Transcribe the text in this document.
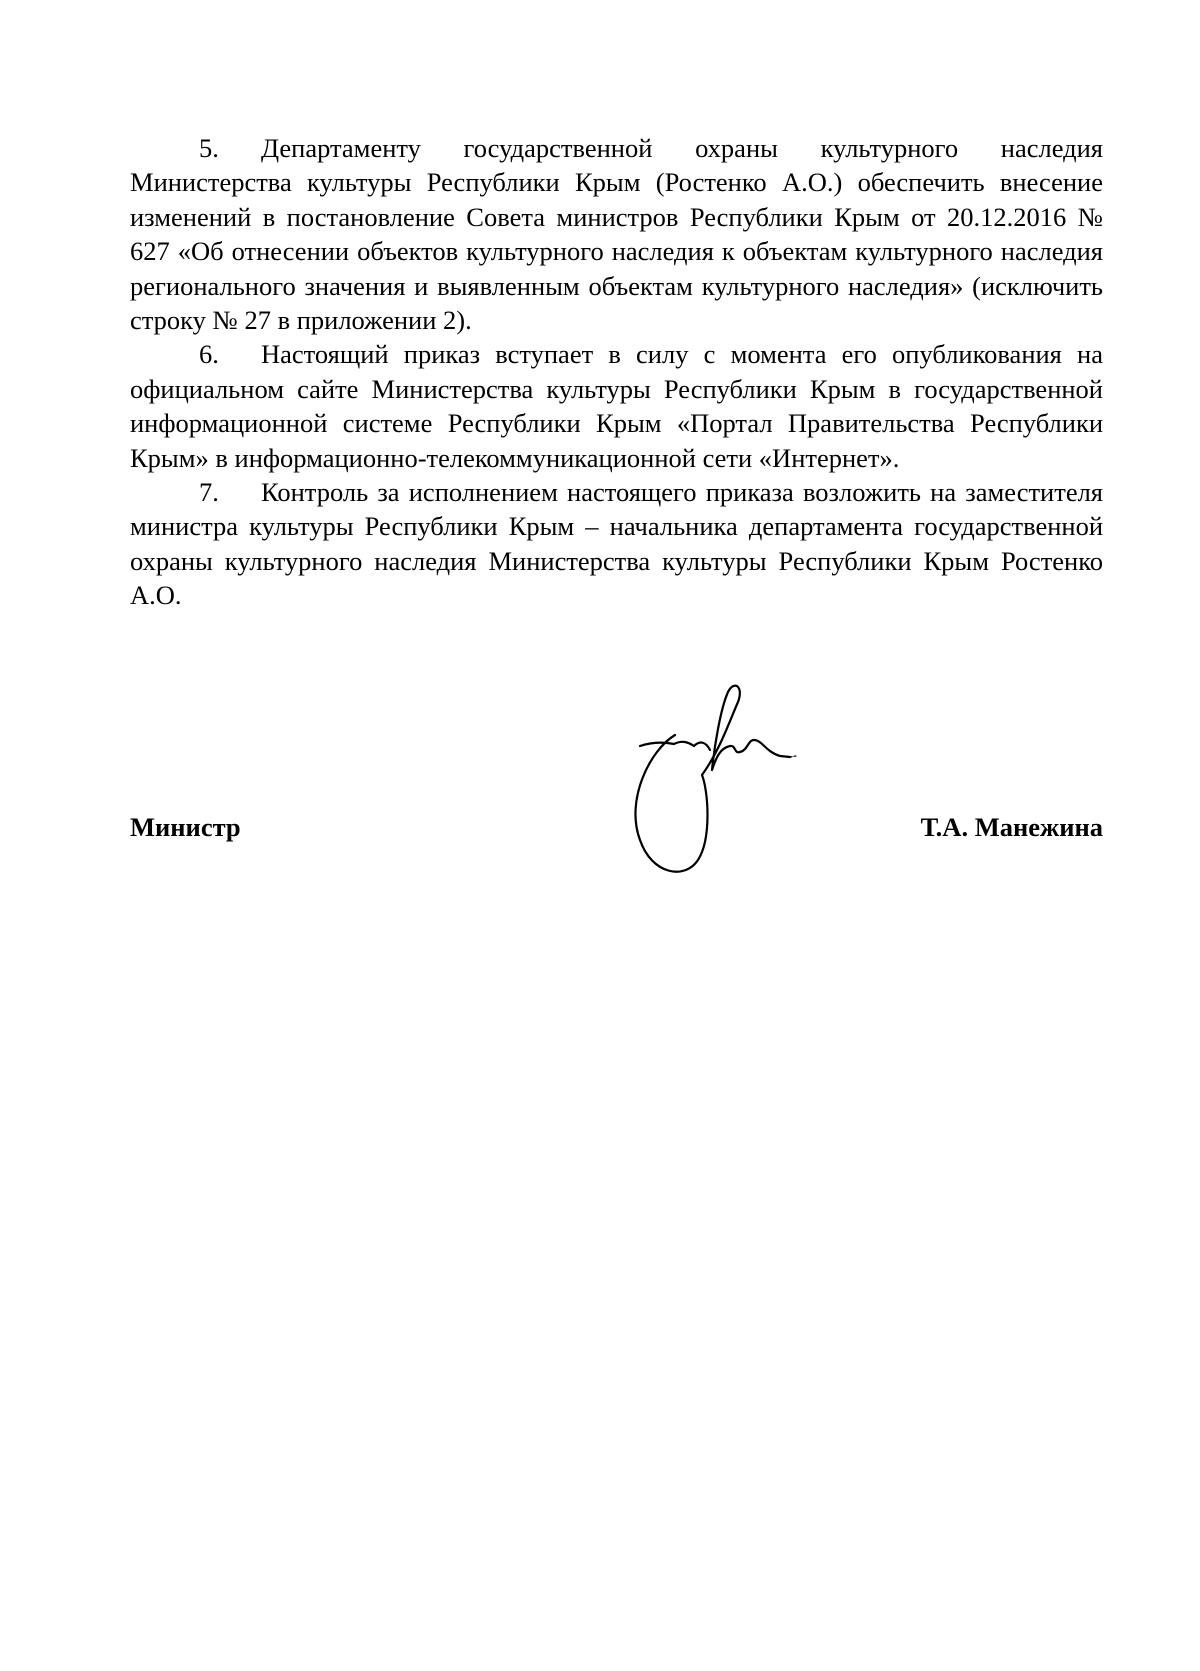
5. Департаменту государственной охраны культурного наследия Министерства культуры Республики Крым (Ростенко А.О.) обеспечить внесение изменений в постановление Совета министров Республики Крым от 20.12.2016 № 627 «Об отнесении объектов культурного наследия к объектам культурного наследия регионального значения и выявленным объектам культурного наследия» (исключить строку № 27 в приложении 2).

6. Настоящий приказ вступает в силу с момента его опубликования на официальном сайте Министерства культуры Республики Крым в государственной информационной системе Республики Крым «Портал Правительства Республики Крым» в информационно-телекоммуникационной сети «Интернет».

7. Контроль за исполнением настоящего приказа возложить на заместителя министра культуры Республики Крым – начальника департамента государственной охраны культурного наследия Министерства культуры Республики Крым Ростенко А.О.

Министр	Т.А. Манежина
